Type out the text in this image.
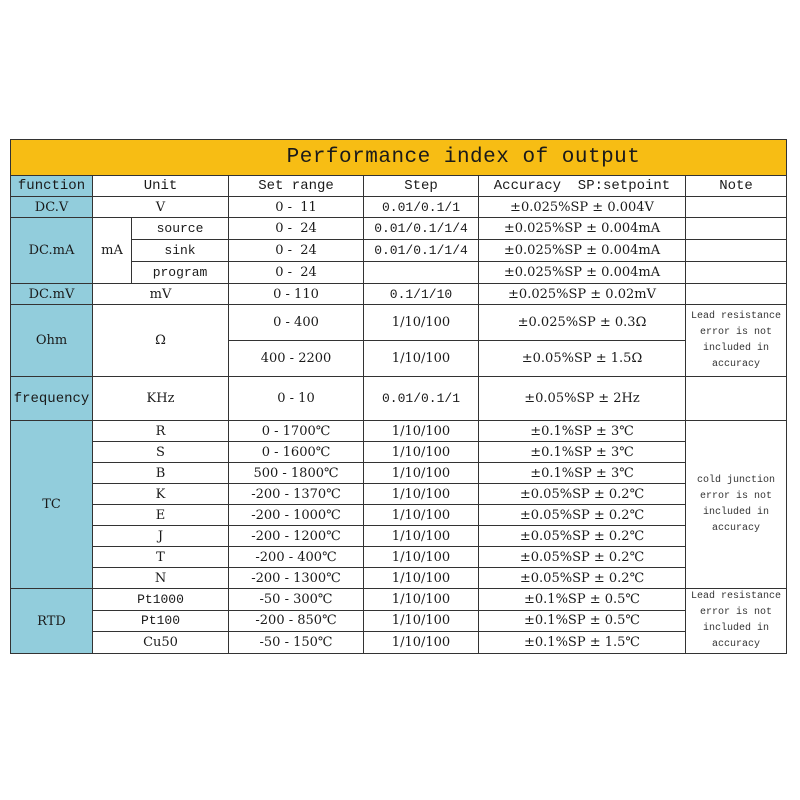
Performance index of output						
function	Unit		Set range	Step	Accuracy  SP:setpoint	Note
DC.V	V		0 -  11	0.01/0.1/1	±0.025%SP ± 0.004V	
DC.mA	mA	source	0 -  24	0.01/0.1/1/4	±0.025%SP ± 0.004mA	
		sink	0 -  24	0.01/0.1/1/4	±0.025%SP ± 0.004mA	
		program	0 -  24		±0.025%SP ± 0.004mA	
DC.mV	mV		0 - 110	0.1/1/10	±0.025%SP ± 0.02mV	
Ohm	Ω		0 - 400	1/10/100	±0.025%SP ± 0.3Ω	Lead resistance error is not included in accuracy
			400 - 2200	1/10/100	±0.05%SP ± 1.5Ω	
frequency	KHz		0 - 10	0.01/0.1/1	±0.05%SP ± 2Hz	
TC	R		0 - 1700℃	1/10/100	±0.1%SP ± 3℃	cold junction error is not included in accuracy
	S		0 - 1600℃	1/10/100	±0.1%SP ± 3℃	
	B		500 - 1800℃	1/10/100	±0.1%SP ± 3℃	
	K		-200 - 1370℃	1/10/100	±0.05%SP ± 0.2℃	
	E		-200 - 1000℃	1/10/100	±0.05%SP ± 0.2℃	
	J		-200 - 1200℃	1/10/100	±0.05%SP ± 0.2℃	
	T		-200 - 400℃	1/10/100	±0.05%SP ± 0.2℃	
	N		-200 - 1300℃	1/10/100	±0.05%SP ± 0.2℃	
RTD	Pt1000		-50 - 300℃	1/10/100	±0.1%SP ± 0.5℃	Lead resistance error is not included in accuracy
	Pt100		-200 - 850℃	1/10/100	±0.1%SP ± 0.5℃	
	Cu50		-50 - 150℃	1/10/100	±0.1%SP ± 1.5℃	
